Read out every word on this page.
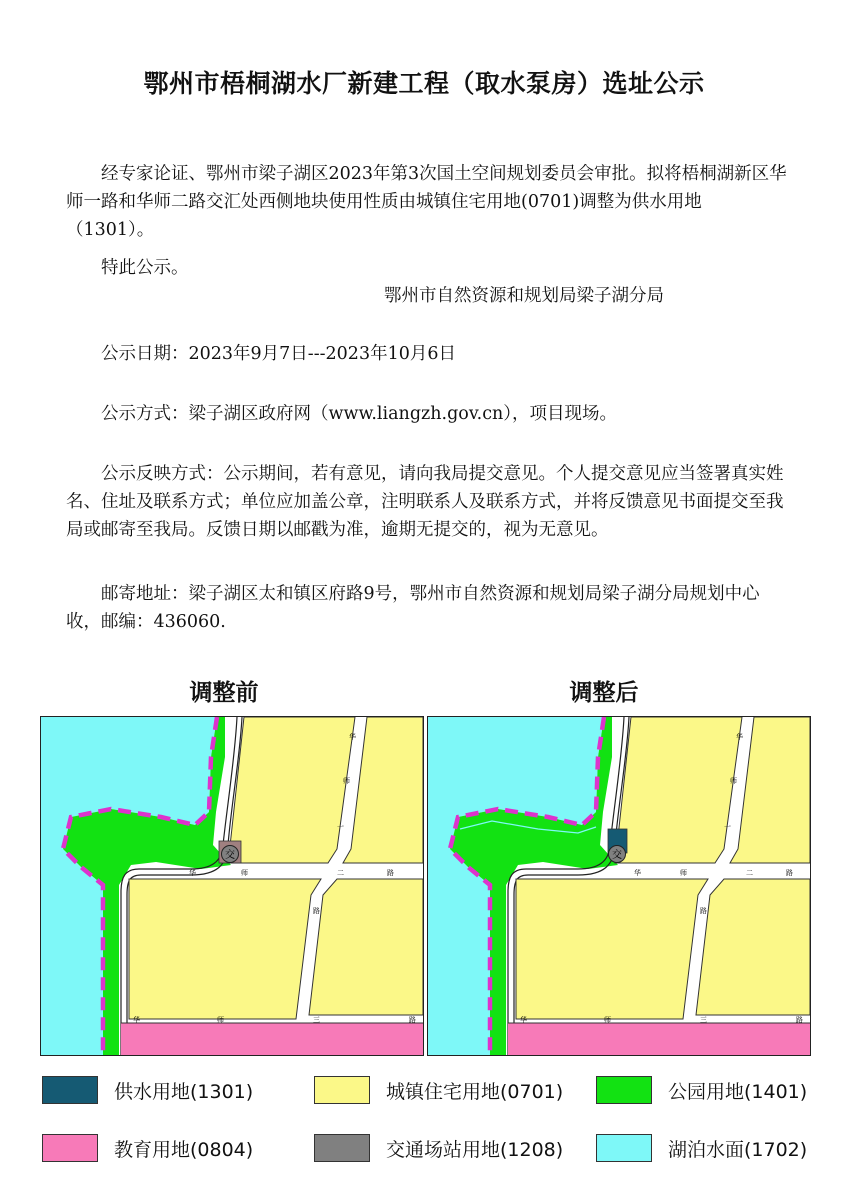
鄂州市梧桐湖水厂新建工程（取水泵房）选址公示
经专家论证、鄂州市梁子湖区2023年第3次国土空间规划委员会审批。拟将梧桐湖新区华师一路和华师二路交汇处西侧地块使用性质由城镇住宅用地(0701)调整为供水用地（1301）。
特此公示。
鄂州市自然资源和规划局梁子湖分局
公示日期：2023年9月7日---2023年10月6日
公示方式：梁子湖区政府网（www.liangzh.gov.cn），项目现场。
公示反映方式：公示期间，若有意见，请向我局提交意见。个人提交意见应当签署真实姓名、住址及联系方式；单位应加盖公章，注明联系人及联系方式，并将反馈意见书面提交至我局或邮寄至我局。反馈日期以邮戳为准，逾期无提交的，视为无意见。
邮寄地址：梁子湖区太和镇区府路9号，鄂州市自然资源和规划局梁子湖分局规划中心收，邮编：436060.
调整前	调整后
交
华
师
一
华	师	二	路
路
华	师	三	路
交
华
师
一
华	师	二	路
路
华	师	三	路
供水用地(1301)	城镇住宅用地(0701)	公园用地(1401)
教育用地(0804)	交通场站用地(1208)	湖泊水面(1702)
